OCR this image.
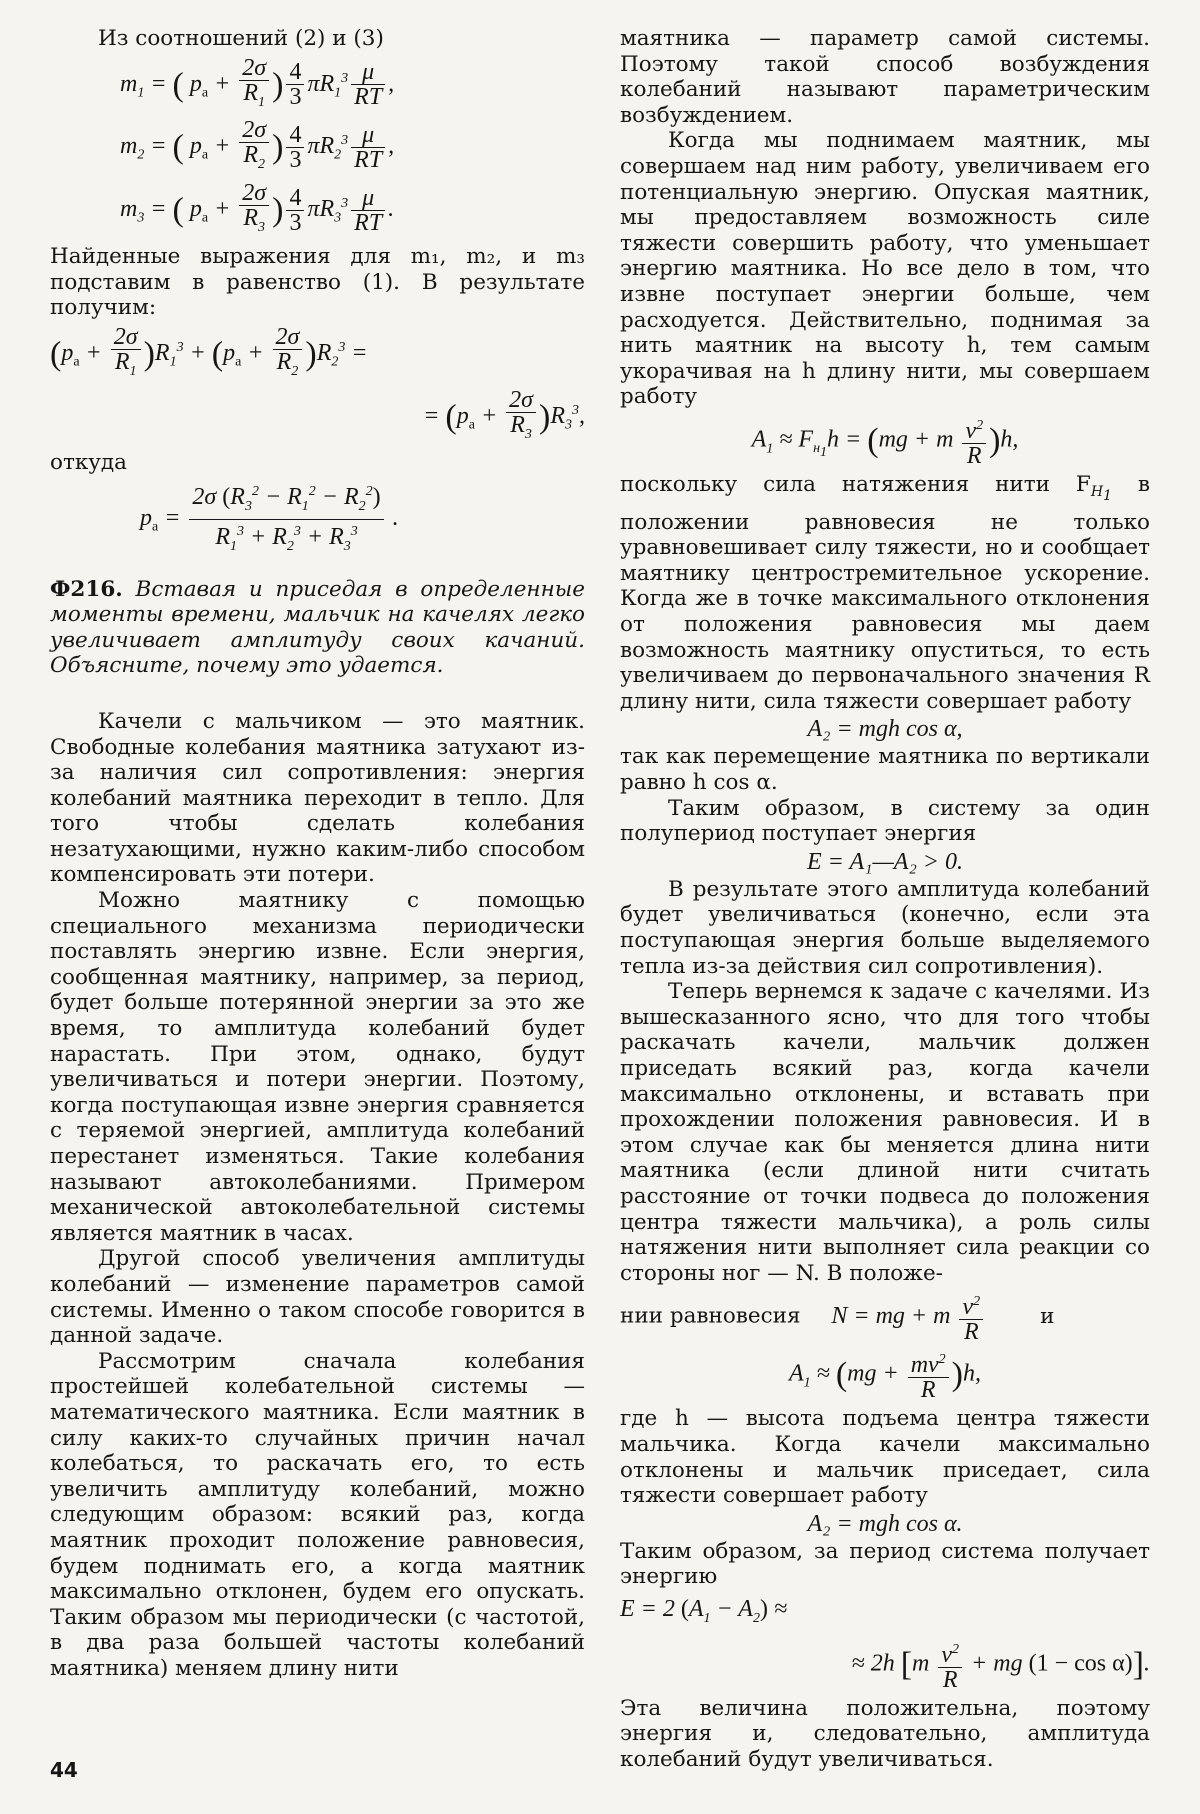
Из соотношений (2) и (3)

$m_1$ = ( $p_a + \frac{2\sigma}{R_1}$ ) $\frac{4}{3} \pi R_1^3 \frac{\mu}{RT}$ ,
$m_2$ = ( $p_a + \frac{2\sigma}{R_2}$ ) $\frac{4}{3} \pi R_2^3 \frac{\mu}{RT}$ ,
$m_3$ = ( $p_a + \frac{2\sigma}{R_3}$ ) $\frac{4}{3} \pi R_3^3 \frac{\mu}{RT}$ .

Найденные выражения для m₁, m₂, и m₃ подставим в равенство (1). В результате получим:

$(p_a + \frac{2\sigma}{R_1} )R_1^3 + (p_a + \frac{2\sigma}{R_2} )R_2^3$ =
= $(p_a + \frac{2\sigma}{R_3} )R_3^3$,

откуда

$p_a = \frac{2\sigma (R_3^2 - R_1^2 - R_2^2)}{R_1^3 + R_2^3 + R_3^3}$ .

Ф216. Вставая и приседая в определенные моменты времени, мальчик на качелях легко увеличивает амплитуду своих качаний. Объясните, почему это удается.

Качели с мальчиком — это маятник. Свободные колебания маятника затухают из-за наличия сил сопротивления: энергия колебаний маятника переходит в тепло. Для того чтобы сделать колебания незатухающими, нужно каким-либо способом компенсировать эти потери.

Можно маятнику с помощью специального механизма периодически поставлять энергию извне. Если энергия, сообщенная маятнику, например, за период, будет больше потерянной энергии за это же время, то амплитуда колебаний будет нарастать. При этом, однако, будут увеличиваться и потери энергии. Поэтому, когда поступающая извне энергия сравняется с теряемой энергией, амплитуда колебаний перестанет изменяться. Такие колебания называют автоколебаниями. Примером механической автоколебательной системы является маятник в часах.

Другой способ увеличения амплитуды колебаний — изменение параметров самой системы. Именно о таком способе говорится в данной задаче.

Рассмотрим сначала колебания простейшей колебательной системы — математического маятника. Если маятник в силу каких-то случайных причин начал колебаться, то раскачать его, то есть увеличить амплитуду колебаний, можно следующим образом: всякий раз, когда маятник проходит положение равновесия, будем поднимать его, а когда маятник максимально отклонен, будем его опускать. Таким образом мы периодически (с частотой, в два раза большей частоты колебаний маятника) меняем длину нити

маятника — параметр самой системы. Поэтому такой способ возбуждения колебаний называют параметрическим возбуждением.

Когда мы поднимаем маятник, мы совершаем над ним работу, увеличиваем его потенциальную энергию. Опуская маятник, мы предоставляем возможность силе тяжести совершить работу, что уменьшает энергию маятника. Но все дело в том, что извне поступает энергии больше, чем расходуется. Действительно, поднимая за нить маятник на высоту h, тем самым укорачивая на h длину нити, мы совершаем работу

$A_1 \approx F_{н_1}h = (mg + m \frac{v^2}{R} )h$,

поскольку сила натяжения нити $F_{H_1}$ в положении равновесия не только уравновешивает силу тяжести, но и сообщает маятнику центростремительное ускорение. Когда же в точке максимального отклонения от положения равновесия мы даем возможность маятнику опуститься, то есть увеличиваем до первоначального значения R длину нити, сила тяжести совершает работу

A₂ = mgh cos α,

так как перемещение маятника по вертикали равно h cos α.

Таким образом, в систему за один полупериод поступает энергия

E = A₁—A₂ > 0.

В результате этого амплитуда колебаний будет увеличиваться (конечно, если эта поступающая энергия больше выделяемого тепла из-за действия сил сопротивления).

Теперь вернемся к задаче с качелями. Из вышесказанного ясно, что для того чтобы раскачать качели, мальчик должен приседать всякий раз, когда качели максимально отклонены, и вставать при прохождении положения равновесия. И в этом случае как бы меняется длина нити маятника (если длиной нити считать расстояние от точки подвеса до положения центра тяжести мальчика), а роль силы натяжения нити выполняет сила реакции со стороны ног — N. В положе-

нии равновесия N = mg + m $\frac{v^2}{R}$	и
$A_1 \approx (mg + \frac{mv^2}{R} )h$,

где h — высота подъема центра тяжести мальчика. Когда качели максимально отклонены и мальчик приседает, сила тяжести совершает работу

A₂ = mgh cos α.

Таким образом, за период система получает энергию

E = 2 $(A_1 - A_2)$ ≈
≈ 2h [$m \frac{v^2}{R}$ + mg (1 − cos α)].

Эта величина положительна, поэтому энергия и, следовательно, амплитуда колебаний будут увеличиваться.

44
